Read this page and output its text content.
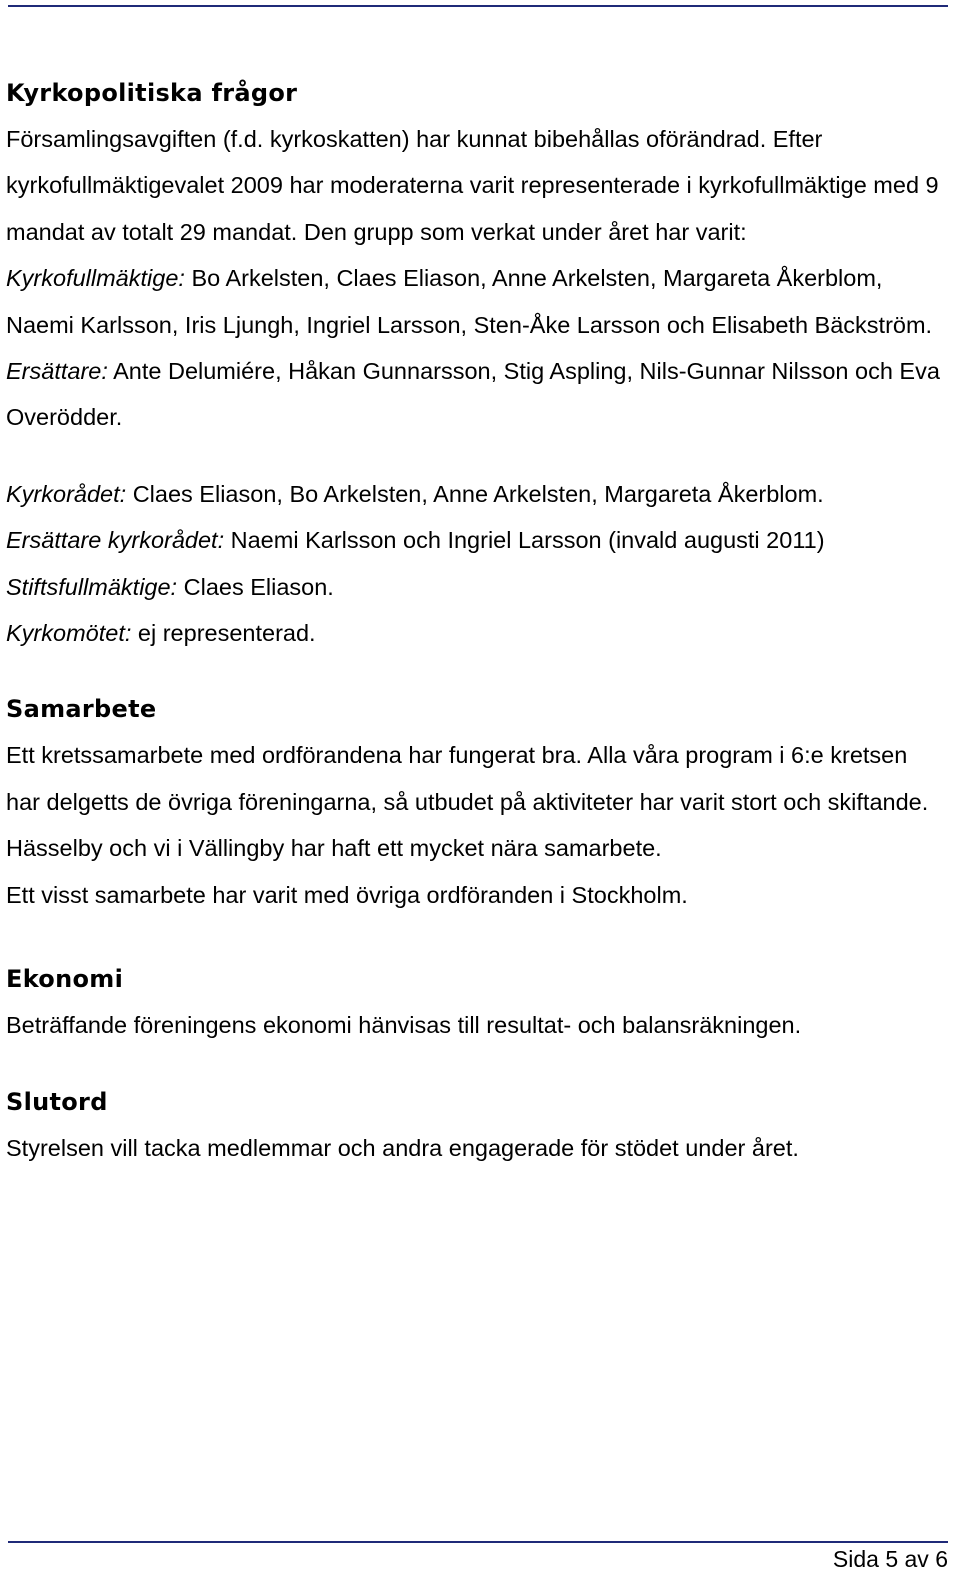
Kyrkopolitiska frågor

Församlingsavgiften (f.d. kyrkoskatten) har kunnat bibehållas oförändrad. Efter kyrkofullmäktigevalet 2009 har moderaterna varit representerade i kyrkofullmäktige med 9 mandat av totalt 29 mandat. Den grupp som verkat under året har varit:

Kyrkofullmäktige: Bo Arkelsten, Claes Eliason, Anne Arkelsten, Margareta Åkerblom, Naemi Karlsson, Iris Ljungh, Ingriel Larsson, Sten-Åke Larsson och Elisabeth Bäckström.

Ersättare: Ante Delumiére, Håkan Gunnarsson, Stig Aspling, Nils-Gunnar Nilsson och Eva Overödder.

Kyrkorådet: Claes Eliason, Bo Arkelsten, Anne Arkelsten, Margareta Åkerblom.

Ersättare kyrkorådet: Naemi Karlsson och Ingriel Larsson (invald augusti 2011)

Stiftsfullmäktige: Claes Eliason.

Kyrkomötet: ej representerad.

Samarbete

Ett kretssamarbete med ordförandena har fungerat bra. Alla våra program i 6:e kretsen har delgetts de övriga föreningarna, så utbudet på aktiviteter har varit stort och skiftande. Hässelby och vi i Vällingby har haft ett mycket nära samarbete.

Ett visst samarbete har varit med övriga ordföranden i Stockholm.

Ekonomi

Beträffande föreningens ekonomi hänvisas till resultat- och balansräkningen.

Slutord

Styrelsen vill tacka medlemmar och andra engagerade för stödet under året.

Sida 5 av 6
